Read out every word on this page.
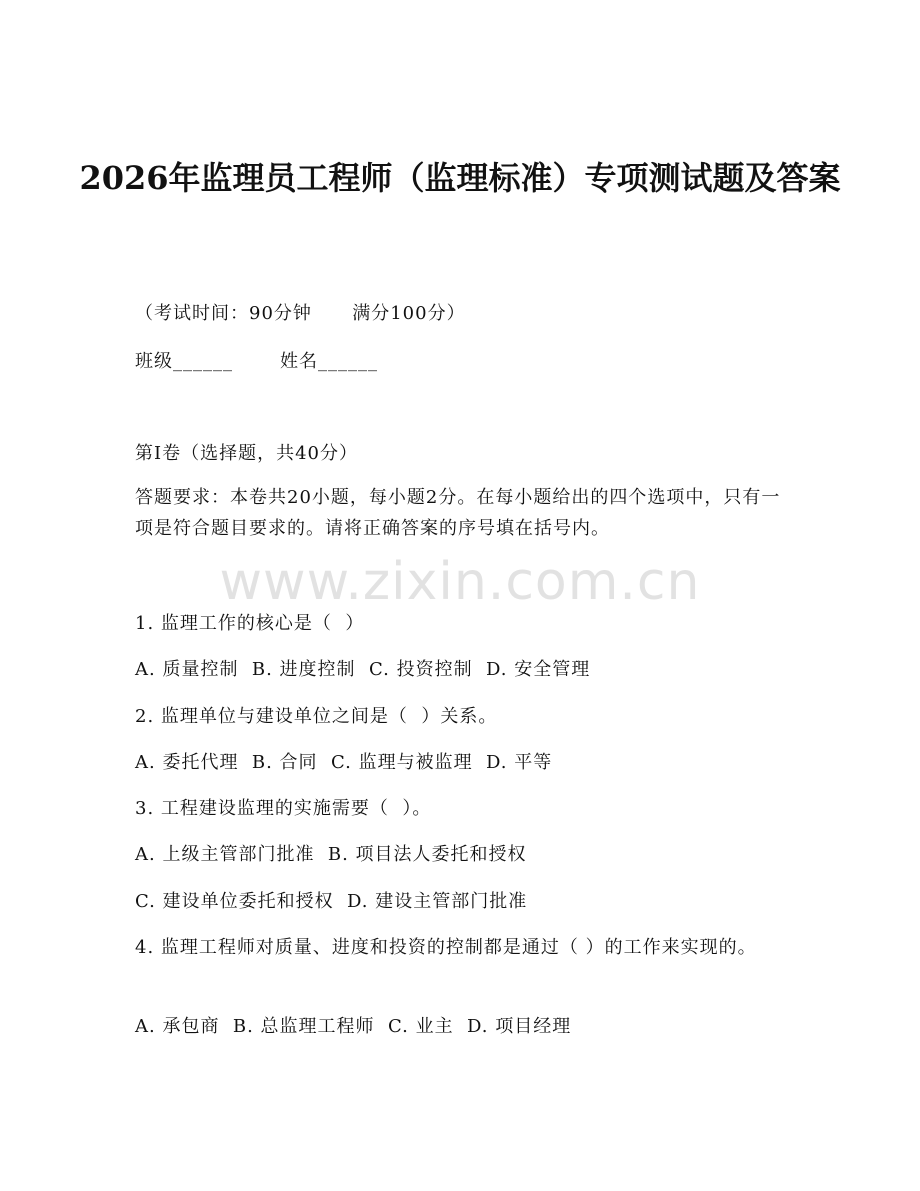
2026年监理员工程师（监理标准）专项测试题及答案
（考试时间：90分钟      满分100分）
班级______       姓名______
第I卷（选择题，共40分）
答题要求：本卷共20小题，每小题2分。在每小题给出的四个选项中，只有一项是符合题目要求的。请将正确答案的序号填在括号内。
www.zixin.com.cn
1. 监理工作的核心是（  ）
A. 质量控制  B. 进度控制  C. 投资控制  D. 安全管理
2. 监理单位与建设单位之间是（  ）关系。
A. 委托代理  B. 合同  C. 监理与被监理  D. 平等
3. 工程建设监理的实施需要（  ）。
A. 上级主管部门批准  B. 项目法人委托和授权
C. 建设单位委托和授权  D. 建设主管部门批准
4. 监理工程师对质量、进度和投资的控制都是通过（ ）的工作来实现的。
A. 承包商  B. 总监理工程师  C. 业主  D. 项目经理
